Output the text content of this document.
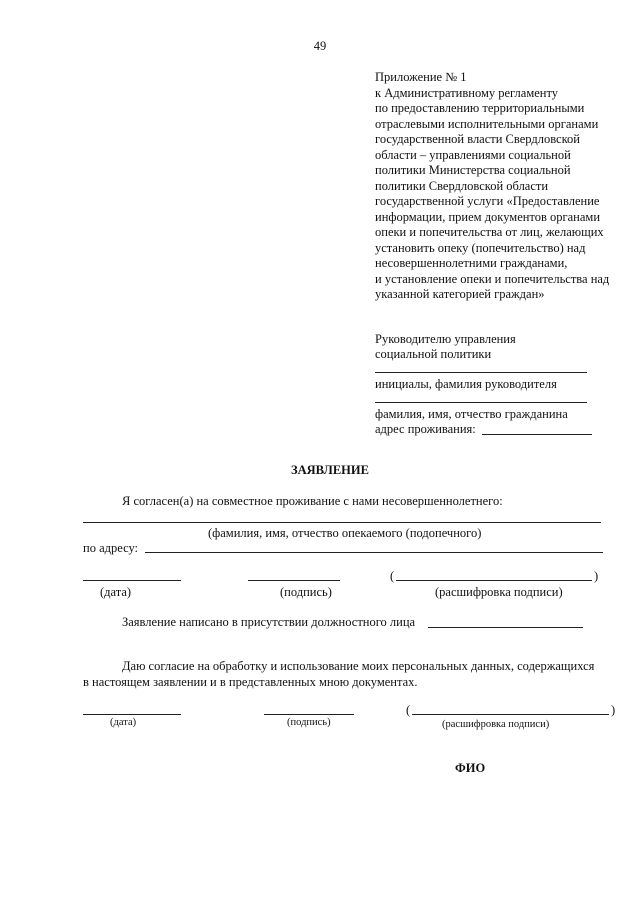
49
Приложение № 1
к Административному регламенту
по предоставлению территориальными
отраслевыми исполнительными органами
государственной власти Свердловской
области – управлениями социальной
политики Министерства социальной
политики Свердловской области
государственной услуги «Предоставление
информации, прием документов органами
опеки и попечительства от лиц, желающих
установить опеку (попечительство) над
несовершеннолетними гражданами,
и установление опеки и попечительства над
указанной категорией граждан»
Руководителю управления
социальной политики
инициалы, фамилия руководителя
фамилия, имя, отчество гражданина
адрес проживания:
ЗАЯВЛЕНИЕ
Я согласен(а) на совместное проживание с нами несовершеннолетнего:
(фамилия, имя, отчество опекаемого (подопечного)
по адресу:
(	)
(дата)	(подпись)	(расшифровка подписи)
Заявление написано в присутствии должностного лица
Даю согласие на обработку и использование моих персональных данных, содержащихся
в настоящем заявлении и в представленных мною документах.
(	)
(дата)	(подпись)	(расшифровка подписи)
ФИО
